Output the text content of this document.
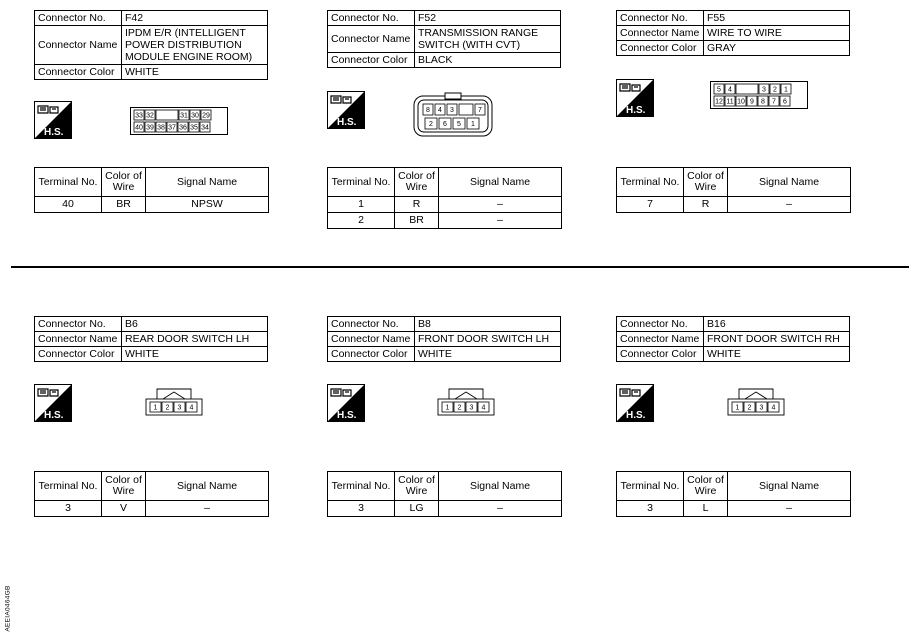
Connector No.	F42
Connector Name	IPDM E/R (INTELLIGENT POWER DISTRIBUTION MODULE ENGINE ROOM)
Connector Color	WHITE
H.S.
33 32	31 30 29
40 39 38 37 36 35 34
Terminal No.	Color of Wire	Signal Name
40	BR	NPSW
Connector No.	F52
Connector Name	TRANSMISSION RANGE SWITCH (WITH CVT)
Connector Color	BLACK
H.S.
8 4 3	7
2 6 5 1
Terminal No.	Color of Wire	Signal Name
1	R	–
2	BR	–
Connector No.	F55
Connector Name	WIRE TO WIRE
Connector Color	GRAY
H.S.
5 4	3 2 1
12 11 10 9 8 7 6
Terminal No.	Color of Wire	Signal Name
7	R	–
Connector No.	B6
Connector Name	REAR DOOR SWITCH LH
Connector Color	WHITE
H.S.
1 2 3 4
Terminal No.	Color of Wire	Signal Name
3	V	–
Connector No.	B8
Connector Name	FRONT DOOR SWITCH LH
Connector Color	WHITE
H.S.
1 2 3 4
Terminal No.	Color of Wire	Signal Name
3	LG	–
Connector No.	B16
Connector Name	FRONT DOOR SWITCH RH
Connector Color	WHITE
H.S.
1 2 3 4
Terminal No.	Color of Wire	Signal Name
3	L	–
AEEIA0464GB
